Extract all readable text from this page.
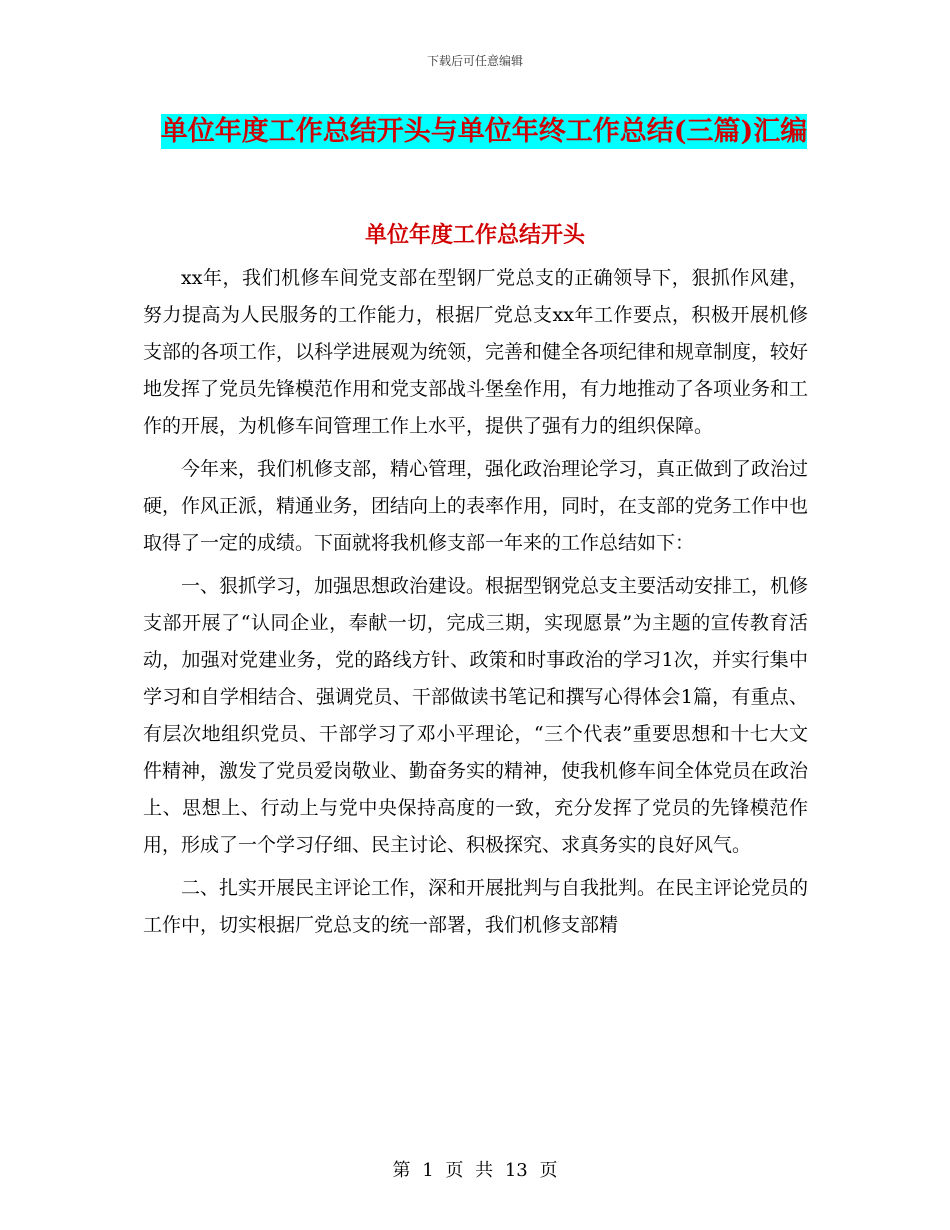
下载后可任意编辑
单位年度工作总结开头与单位年终工作总结(三篇)汇编
单位年度工作总结开头

xx年，我们机修车间党支部在型钢厂党总支的正确领导下，狠抓作风建，努力提高为人民服务的工作能力，根据厂党总支xx年工作要点，积极开展机修支部的各项工作，以科学进展观为统领，完善和健全各项纪律和规章制度，较好地发挥了党员先锋模范作用和党支部战斗堡垒作用，有力地推动了各项业务和工作的开展，为机修车间管理工作上水平，提供了强有力的组织保障。

今年来，我们机修支部，精心管理，强化政治理论学习，真正做到了政治过硬，作风正派，精通业务，团结向上的表率作用，同时，在支部的党务工作中也取得了一定的成绩。下面就将我机修支部一年来的工作总结如下：

一、狠抓学习，加强思想政治建设。根据型钢党总支主要活动安排工，机修支部开展了“认同企业，奉献一切，完成三期，实现愿景”为主题的宣传教育活动，加强对党建业务，党的路线方针、政策和时事政治的学习1次，并实行集中学习和自学相结合、强调党员、干部做读书笔记和撰写心得体会1篇，有重点、有层次地组织党员、干部学习了邓小平理论，“三个代表”重要思想和十七大文件精神，激发了党员爱岗敬业、勤奋务实的精神，使我机修车间全体党员在政治上、思想上、行动上与党中央保持高度的一致，充分发挥了党员的先锋模范作用，形成了一个学习仔细、民主讨论、积极探究、求真务实的良好风气。

二、扎实开展民主评论工作，深和开展批判与自我批判。在民主评论党员的工作中，切实根据厂党总支的统一部署，我们机修支部精

第 1 页 共 13 页
